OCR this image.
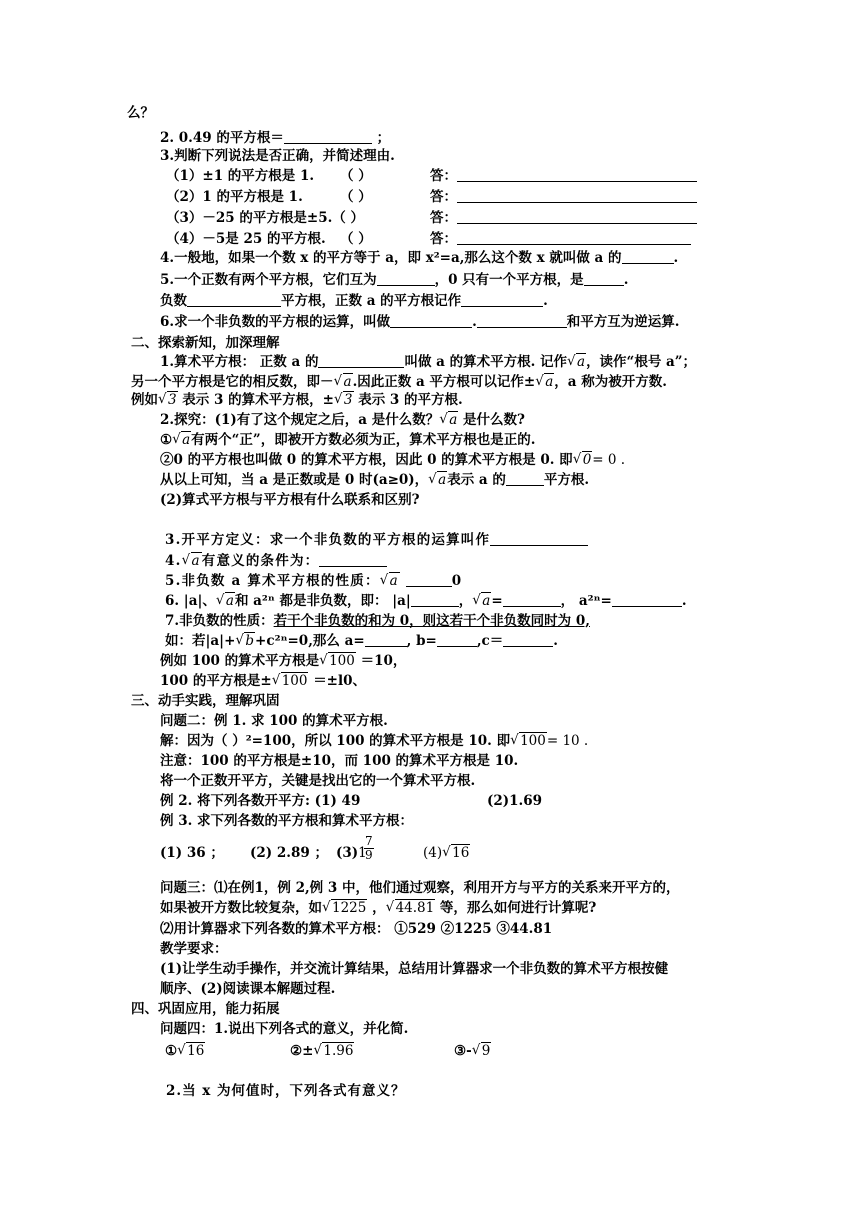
么？
2. 0.49 的平方根＝	；
3.判断下列说法是否正确，并简述理由.
（1）±1 的平方根是 1. （ ）	答：
（2）1 的平方根是 1.	（ ）	答：
（3）－25 的平方根是±5.（ ）	答：
（4）－5是 25 的平方根. （ ）	答：
4.一般地，如果一个数 x 的平方等于 a，即 x²=a,那么这个数 x 就叫做 a 的	.
5.一个正数有两个平方根，它们互为	，0 只有一个平方根，是	.
负数	平方根，正数 a 的平方根记作	.
6.求一个非负数的平方根的运算，叫做	.	和平方互为逆运算.
二、探索新知，加深理解
1.算术平方根： 正数 a 的	叫做 a 的算术平方根. 记作 √ a，读作“根号 a”；
另一个平方根是它的相反数，即－ √ a.因此正数 a 平方根可以记作± √ a，a 称为被开方数.
例如 √ 3 表示 3 的算术平方根，± √ 3 表示 3 的平方根.
2.探究：(1)有了这个规定之后，a 是什么数？ √ a 是什么数?
① √ a有两个“正”，即被开方数必须为正，算术平方根也是正的.
②0 的平方根也叫做 0 的算术平方根，因此 0 的算术平方根是 0. 即 √ 0= 0 .
从以上可知，当 a 是正数或是 0 时(a≥0)， √ a表示 a 的	平方根.
(2)算式平方根与平方根有什么联系和区别?
3.开平方定义：求一个非负数的平方根的运算叫作
4. √ a有意义的条件为：
5.非负数 a 算术平方根的性质： √ a	0
6. |a|、 √ a和 a²ⁿ 都是非负数，即： |a|	， √ a=	， a²ⁿ=	.
7.非负数的性质：若干个非负数的和为 0，则这若干个非负数同时为 0,
如：若|a|+ √ b+c²ⁿ=0,那么 a=	, b=	,c＝	.
例如 100 的算术平方根是 √ 100 ＝10，
100 的平方根是± √ 100 ＝±l0、
三、动手实践，理解巩固
问题二：例 1. 求 100 的算术平方根.
解：因为（ ）²=100，所以 100 的算术平方根是 10. 即 √ 100= 10 .
注意：100 的平方根是±10，而 100 的算术平方根是 10.
将一个正数开平方，关键是找出它的一个算术平方根.
例 2. 将下列各数开平方: (1) 49	(2)1.69
例 3. 求下列各数的平方根和算术平方根：
(1) 36 ； (2) 2.89 ； (3)1
7
9	(4) √ 16
问题三：⑴在例1，例 2,例 3 中，他们通过观察，利用开方与平方的关系来开平方的，
如果被开方数比较复杂，如 √ 1225 ， √ 44.81 等，那么如何进行计算呢?
⑵用计算器求下列各数的算术平方根： ①529 ②1225 ③44.81
教学要求：
(1)让学生动手操作，并交流计算结果，总结用计算器求一个非负数的算术平方根按健
顺序、(2)阅读课本解题过程.
四、巩固应用，能力拓展
问题四：1.说出下列各式的意义，并化简.
① √ 16	②± √ 1.96	③- √ 9
2.当 x 为何值时，下列各式有意义？
